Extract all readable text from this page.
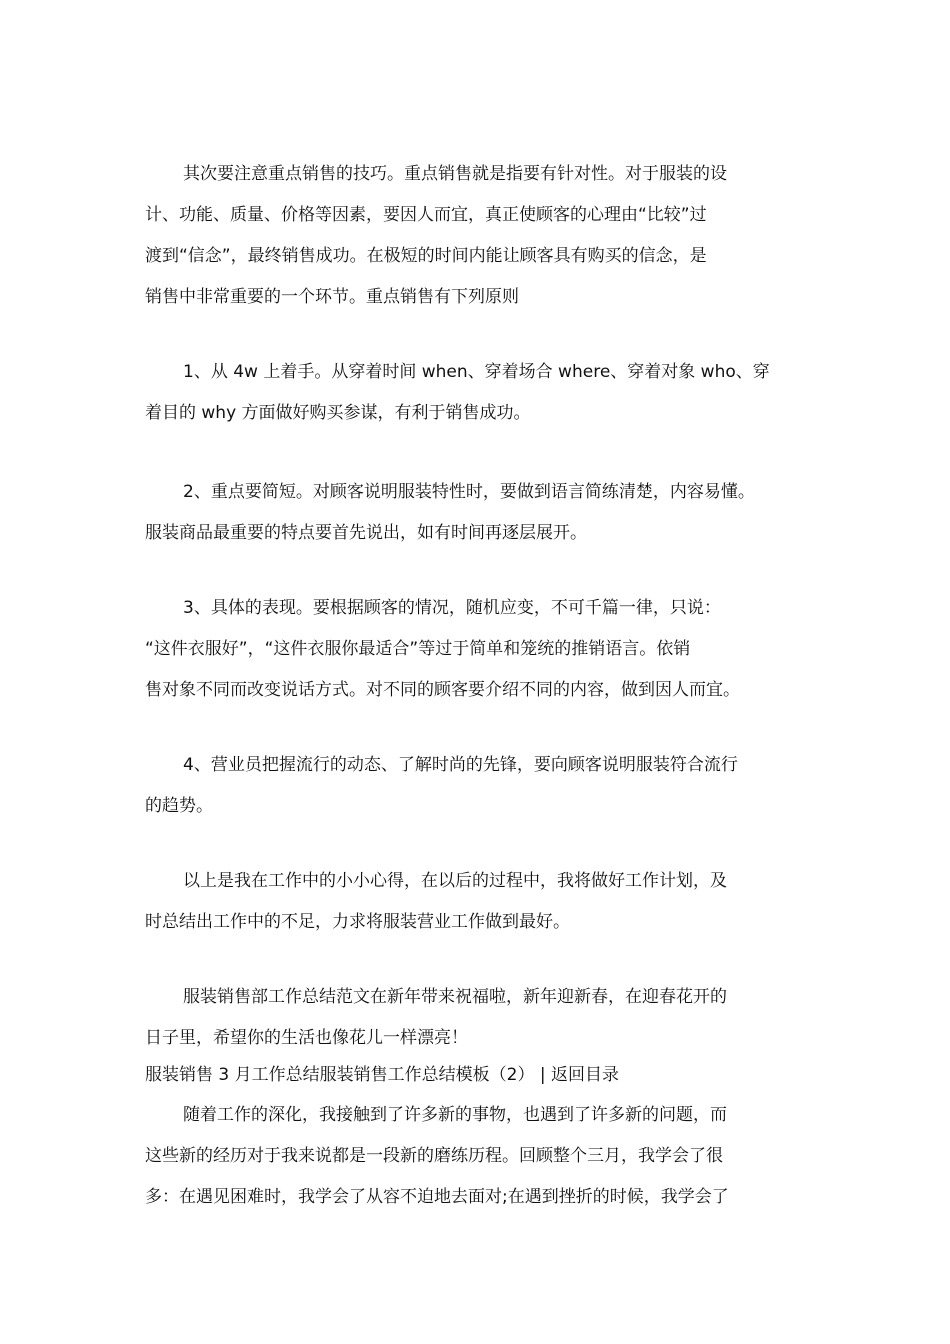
其次要注意重点销售的技巧。重点销售就是指要有针对性。对于服装的设
计、功能、质量、价格等因素，要因人而宜，真正使顾客的心理由“比较”过
渡到“信念”，最终销售成功。在极短的时间内能让顾客具有购买的信念，是
销售中非常重要的一个环节。重点销售有下列原则
1、从 4w 上着手。从穿着时间 when、穿着场合 where、穿着对象 who、穿
着目的 why 方面做好购买参谋，有利于销售成功。
2、重点要简短。对顾客说明服装特性时，要做到语言简练清楚，内容易懂。
服装商品最重要的特点要首先说出，如有时间再逐层展开。
3、具体的表现。要根据顾客的情况，随机应变，不可千篇一律，只说：
“这件衣服好”，“这件衣服你最适合”等过于简单和笼统的推销语言。依销
售对象不同而改变说话方式。对不同的顾客要介绍不同的内容，做到因人而宜。
4、营业员把握流行的动态、了解时尚的先锋，要向顾客说明服装符合流行
的趋势。
以上是我在工作中的小小心得，在以后的过程中，我将做好工作计划，及
时总结出工作中的不足，力求将服装营业工作做到最好。
服装销售部工作总结范文在新年带来祝福啦，新年迎新春，在迎春花开的
日子里，希望你的生活也像花儿一样漂亮！
服装销售 3 月工作总结服装销售工作总结模板（2） | 返回目录
随着工作的深化，我接触到了许多新的事物，也遇到了许多新的问题，而
这些新的经历对于我来说都是一段新的磨练历程。回顾整个三月，我学会了很
多：在遇见困难时，我学会了从容不迫地去面对;在遇到挫折的时候，我学会了
